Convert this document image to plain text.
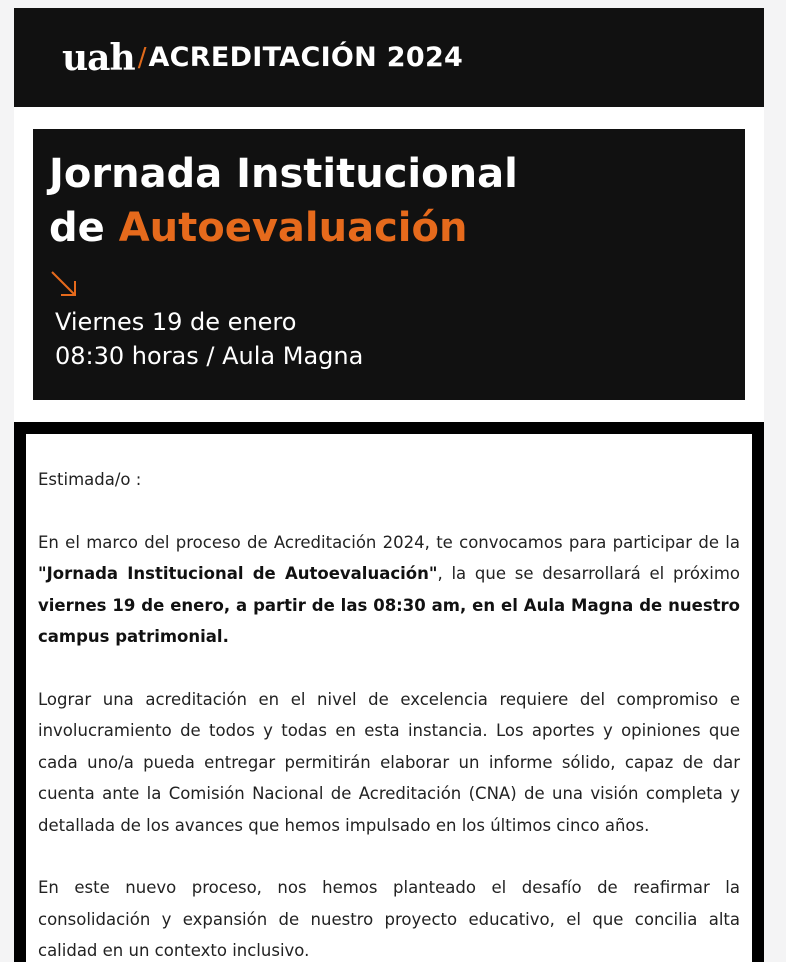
uah / ACREDITACIÓN 2024
Jornada Institucional
de Autoevaluación
Viernes 19 de enero
08:30 horas / Aula Magna

Estimada/o :

En el marco del proceso de Acreditación 2024, te convocamos para participar de la "Jornada Institucional de Autoevaluación", la que se desarrollará el próximo viernes 19 de enero, a partir de las 08:30 am, en el Aula Magna de nuestro campus patrimonial.

Lograr una acreditación en el nivel de excelencia requiere del compromiso e involucramiento de todos y todas en esta instancia. Los aportes y opiniones que cada uno/a pueda entregar permitirán elaborar un informe sólido, capaz de dar cuenta ante la Comisión Nacional de Acreditación (CNA) de una visión completa y detallada de los avances que hemos impulsado en los últimos cinco años.

En este nuevo proceso, nos hemos planteado el desafío de reafirmar la consolidación y expansión de nuestro proyecto educativo, el que concilia alta calidad en un contexto inclusivo.
